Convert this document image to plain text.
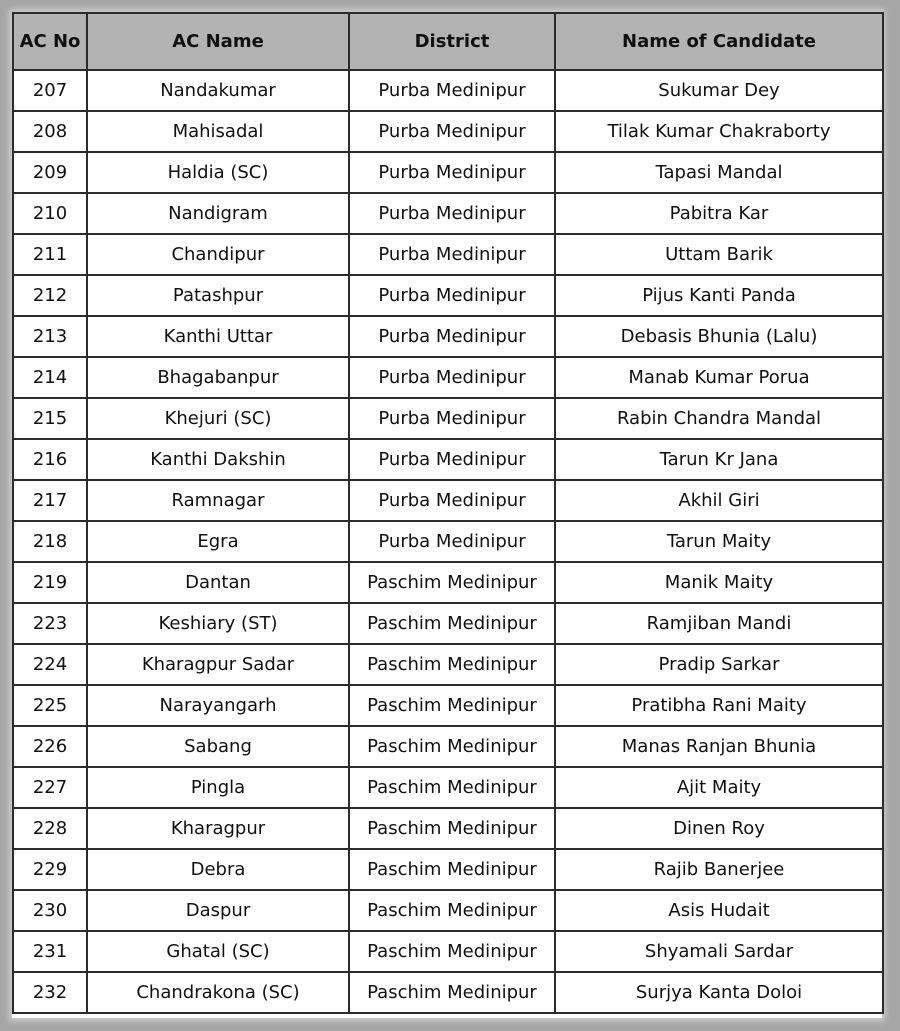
AC No	AC Name	District	Name of Candidate
207	Nandakumar	Purba Medinipur	Sukumar Dey
208	Mahisadal	Purba Medinipur	Tilak Kumar Chakraborty
209	Haldia (SC)	Purba Medinipur	Tapasi Mandal
210	Nandigram	Purba Medinipur	Pabitra Kar
211	Chandipur	Purba Medinipur	Uttam Barik
212	Patashpur	Purba Medinipur	Pijus Kanti Panda
213	Kanthi Uttar	Purba Medinipur	Debasis Bhunia (Lalu)
214	Bhagabanpur	Purba Medinipur	Manab Kumar Porua
215	Khejuri (SC)	Purba Medinipur	Rabin Chandra Mandal
216	Kanthi Dakshin	Purba Medinipur	Tarun Kr Jana
217	Ramnagar	Purba Medinipur	Akhil Giri
218	Egra	Purba Medinipur	Tarun Maity
219	Dantan	Paschim Medinipur	Manik Maity
223	Keshiary (ST)	Paschim Medinipur	Ramjiban Mandi
224	Kharagpur Sadar	Paschim Medinipur	Pradip Sarkar
225	Narayangarh	Paschim Medinipur	Pratibha Rani Maity
226	Sabang	Paschim Medinipur	Manas Ranjan Bhunia
227	Pingla	Paschim Medinipur	Ajit Maity
228	Kharagpur	Paschim Medinipur	Dinen Roy
229	Debra	Paschim Medinipur	Rajib Banerjee
230	Daspur	Paschim Medinipur	Asis Hudait
231	Ghatal (SC)	Paschim Medinipur	Shyamali Sardar
232	Chandrakona (SC)	Paschim Medinipur	Surjya Kanta Doloi
